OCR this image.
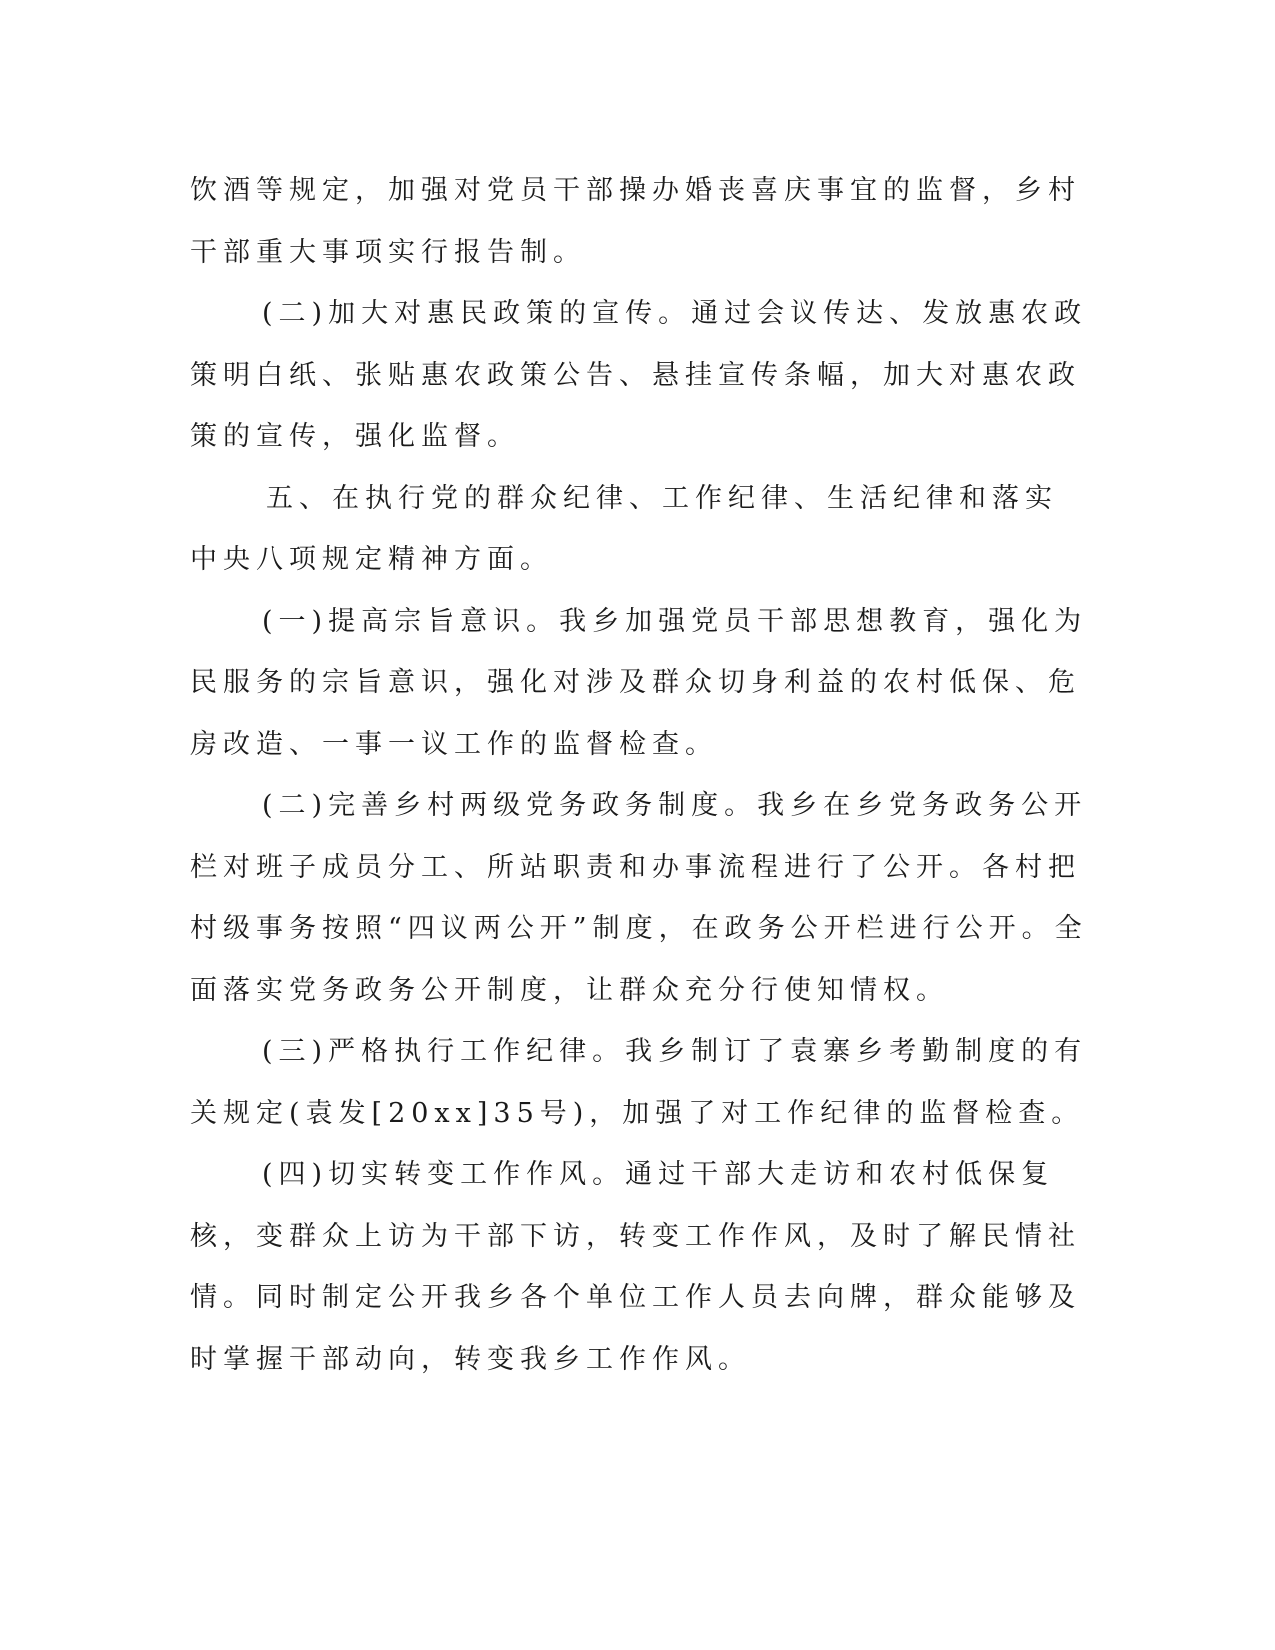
饮酒等规定，加强对党员干部操办婚丧喜庆事宜的监督，乡村干部重大事项实行报告制。

(二)加大对惠民政策的宣传。通过会议传达、发放惠农政策明白纸、张贴惠农政策公告、悬挂宣传条幅，加大对惠农政策的宣传，强化监督。

五、在执行党的群众纪律、工作纪律、生活纪律和落实中央八项规定精神方面。

(一)提高宗旨意识。我乡加强党员干部思想教育，强化为民服务的宗旨意识，强化对涉及群众切身利益的农村低保、危房改造、一事一议工作的监督检查。

(二)完善乡村两级党务政务制度。我乡在乡党务政务公开栏对班子成员分工、所站职责和办事流程进行了公开。各村把村级事务按照“四议两公开”制度，在政务公开栏进行公开。全面落实党务政务公开制度，让群众充分行使知情权。

(三)严格执行工作纪律。我乡制订了袁寨乡考勤制度的有关规定(袁发[20xx]35号)，加强了对工作纪律的监督检查。

(四)切实转变工作作风。通过干部大走访和农村低保复核，变群众上访为干部下访，转变工作作风，及时了解民情社情。同时制定公开我乡各个单位工作人员去向牌，群众能够及时掌握干部动向，转变我乡工作作风。
